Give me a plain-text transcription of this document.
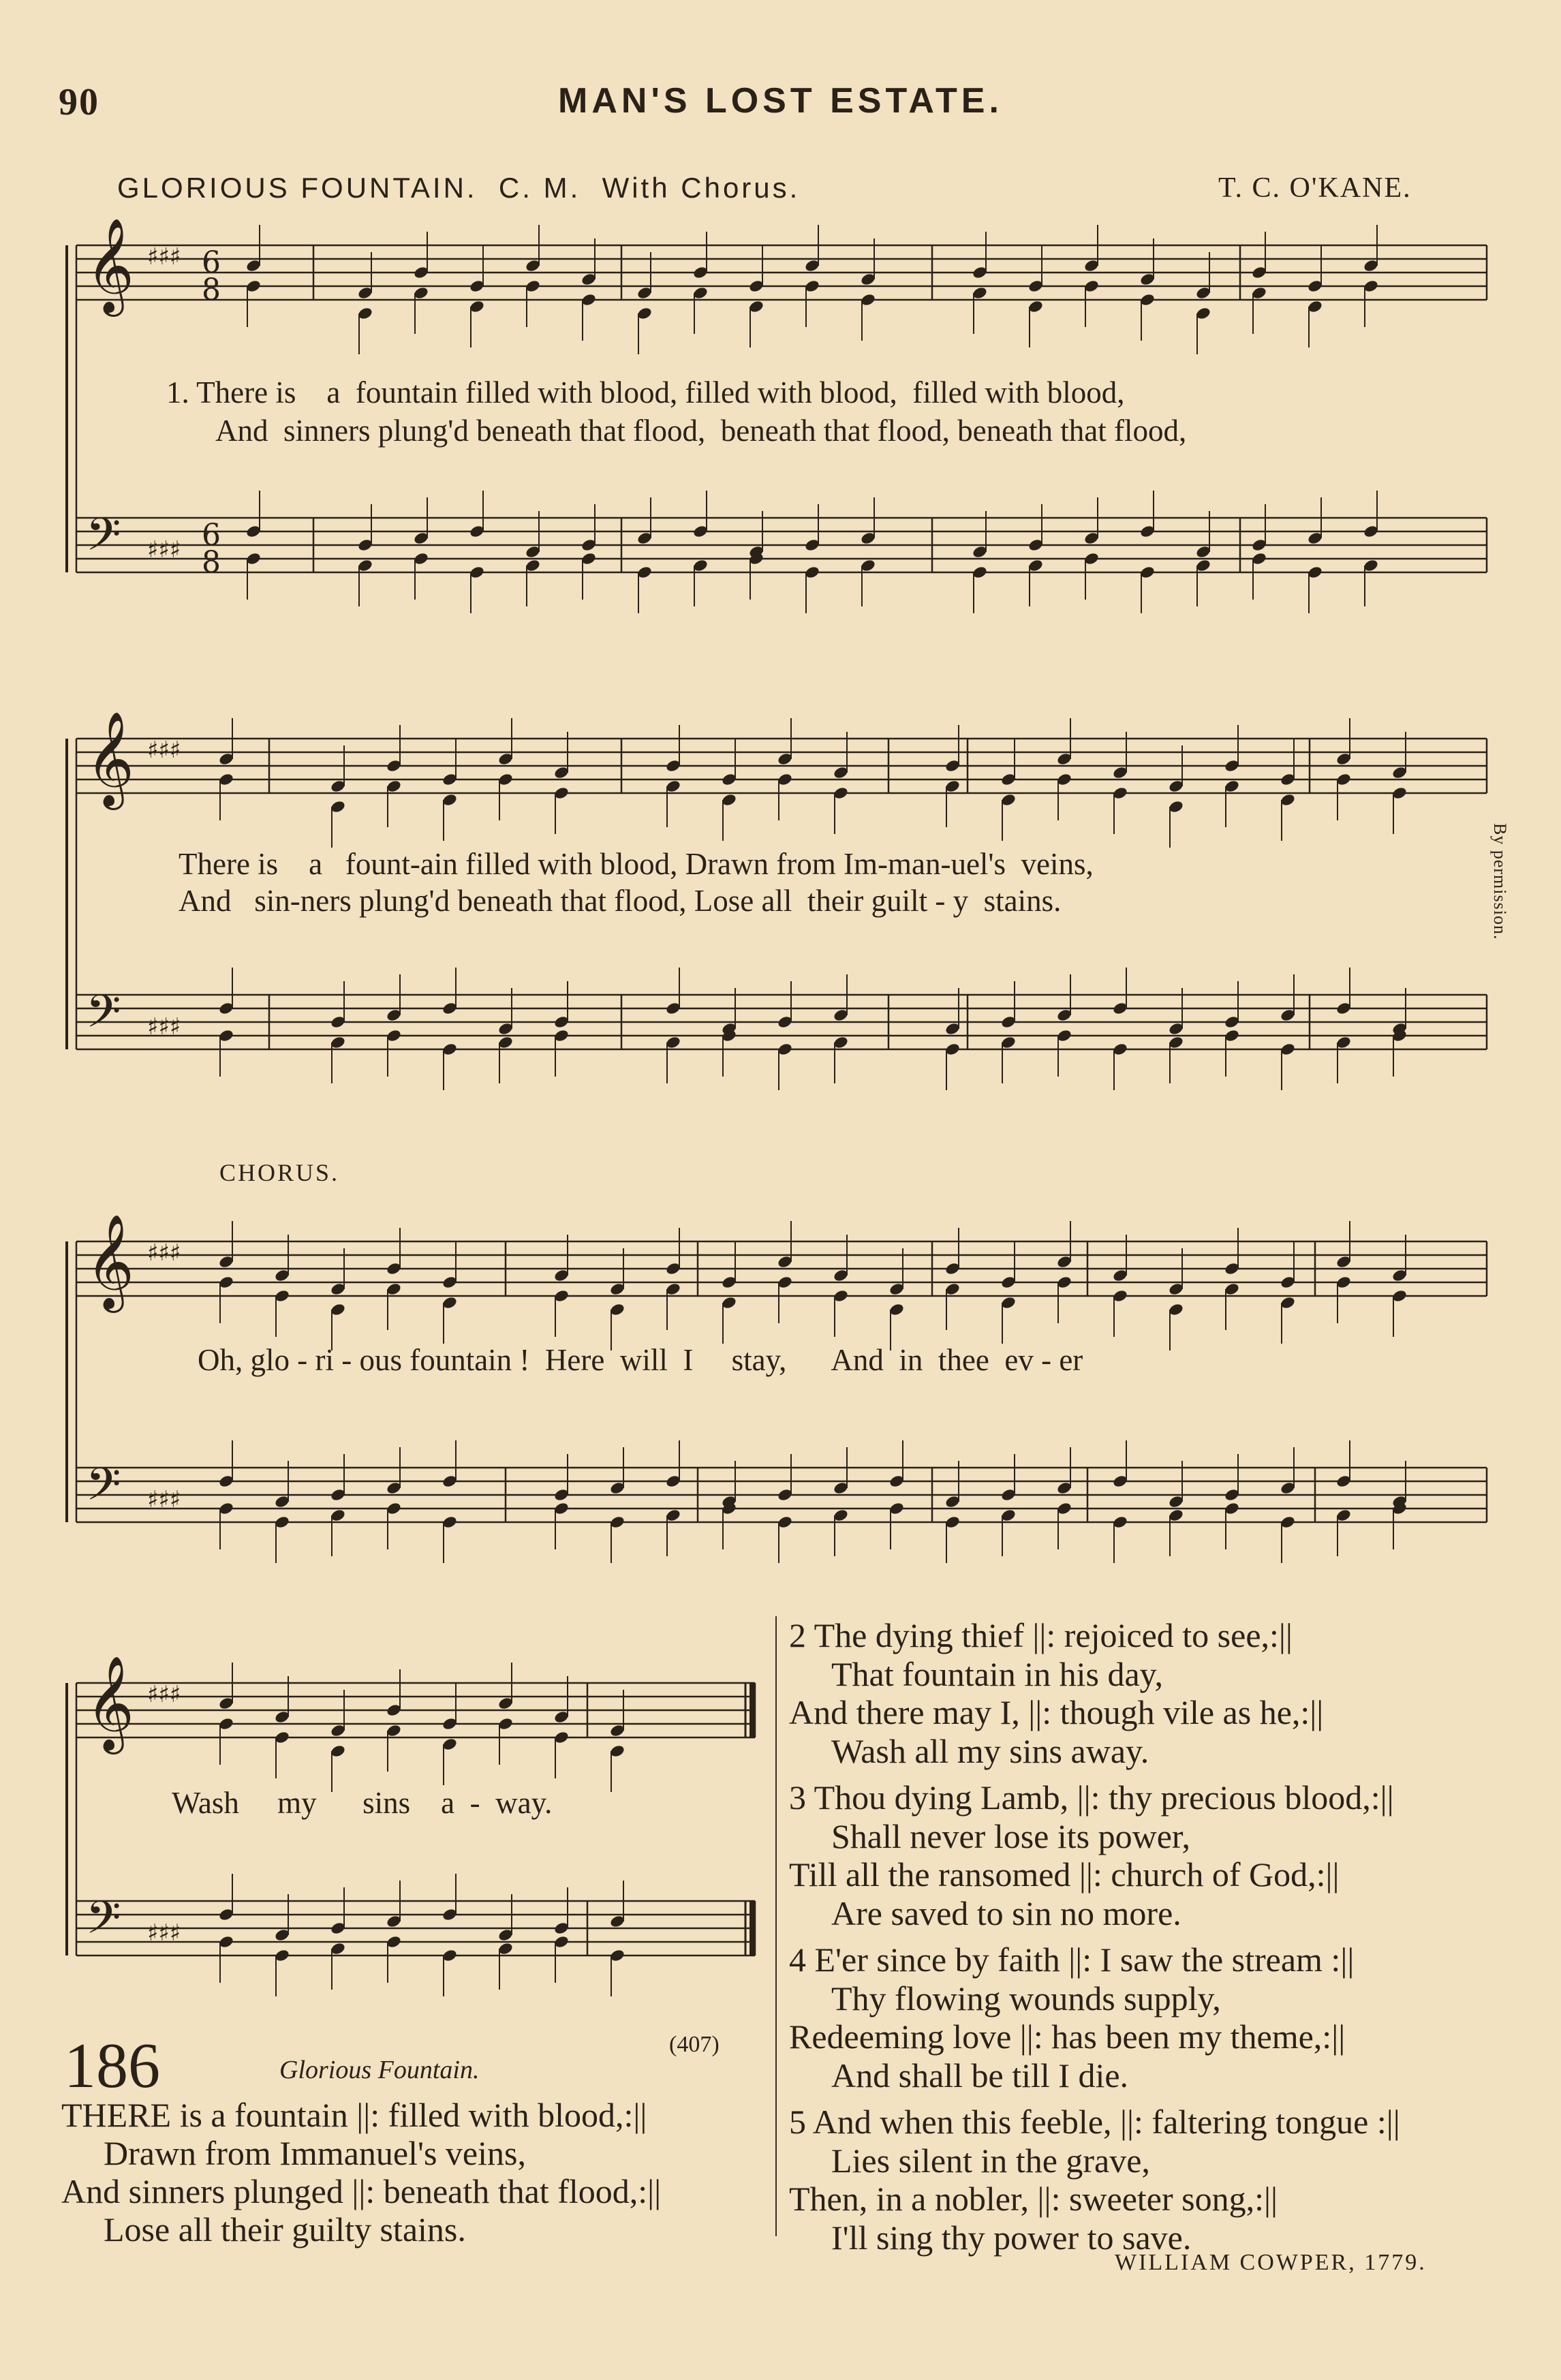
90	MAN'S LOST ESTATE.
GLORIOUS FOUNTAIN.  C. M.  With Chorus.	T. C. O'KANE.
𝄞
𝄢
♯♯♯
♯♯♯
6
8
6
8
𝄞
𝄢
♯♯♯
♯♯♯
𝄞
𝄢
♯♯♯
♯♯♯
𝄞
𝄢
♯♯♯
♯♯♯
1. There is    a  fountain filled with blood, filled with blood,  filled with blood,
And  sinners plung'd beneath that flood,  beneath that flood, beneath that flood,
There is    a   fount-ain filled with blood, Drawn from Im-man-uel's  veins,
And   sin-ners plung'd beneath that flood, Lose all  their guilt - y  stains.
CHORUS.
Oh, glo - ri - ous fountain !  Here  will  I     stay,      And  in  thee  ev - er
Wash     my      sins    a  -  way.
By permission.
186	Glorious Fountain.
(407)
THERE is a fountain ||: filled with blood,:||
Drawn from Immanuel's veins,
And sinners plunged ||: beneath that flood,:||
Lose all their guilty stains.
2 The dying thief ||: rejoiced to see,:||
That fountain in his day,
And there may I, ||: though vile as he,:||
Wash all my sins away.
3 Thou dying Lamb, ||: thy precious blood,:||
Shall never lose its power,
Till all the ransomed ||: church of God,:||
Are saved to sin no more.
4 E'er since by faith ||: I saw the stream :||
Thy flowing wounds supply,
Redeeming love ||: has been my theme,:||
And shall be till I die.
5 And when this feeble, ||: faltering tongue :||
Lies silent in the grave,
Then, in a nobler, ||: sweeter song,:||
I'll sing thy power to save.
WILLIAM COWPER, 1779.
